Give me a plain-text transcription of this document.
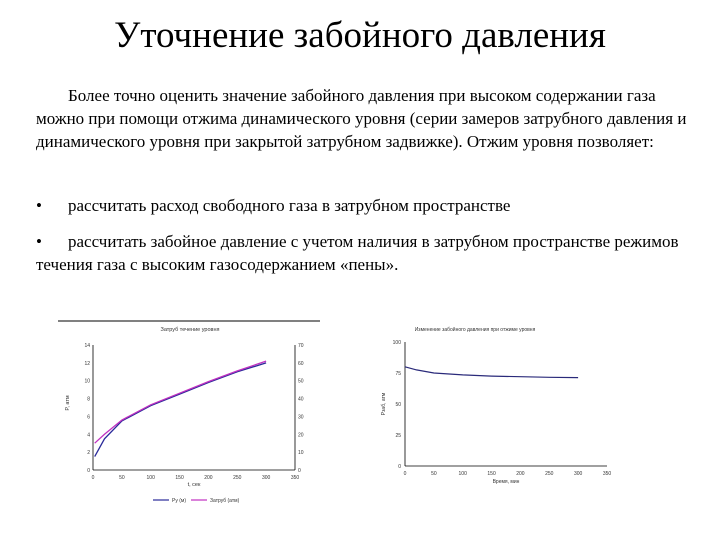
Уточнение забойного давления
Более точно оценить значение забойного давления при высоком содержании газа можно при помощи отжима динамического уровня (серии замеров затрубного давления и динамического уровня при закрытой затрубном задвижке). Отжим уровня позволяет:
• рассчитать расход свободного газа в затрубном пространстве
• рассчитать забойное давление с учетом наличия в затрубном пространстве режимов течения газа с высоким газосодержанием «пены».
Затруб течение уровня
P, атм
t, сек
0
2
4
6
8
10
12
14
0
10
20
30
40
50
60
70
0	50	100	150	200	250	300	350
Ру (м)	Затруб (атм)
Изменение забойного давления при отжиме уровня
Рзаб, атм
Время, мин
0
25
50
75
100
0	50	100	150	200	250	300	350
